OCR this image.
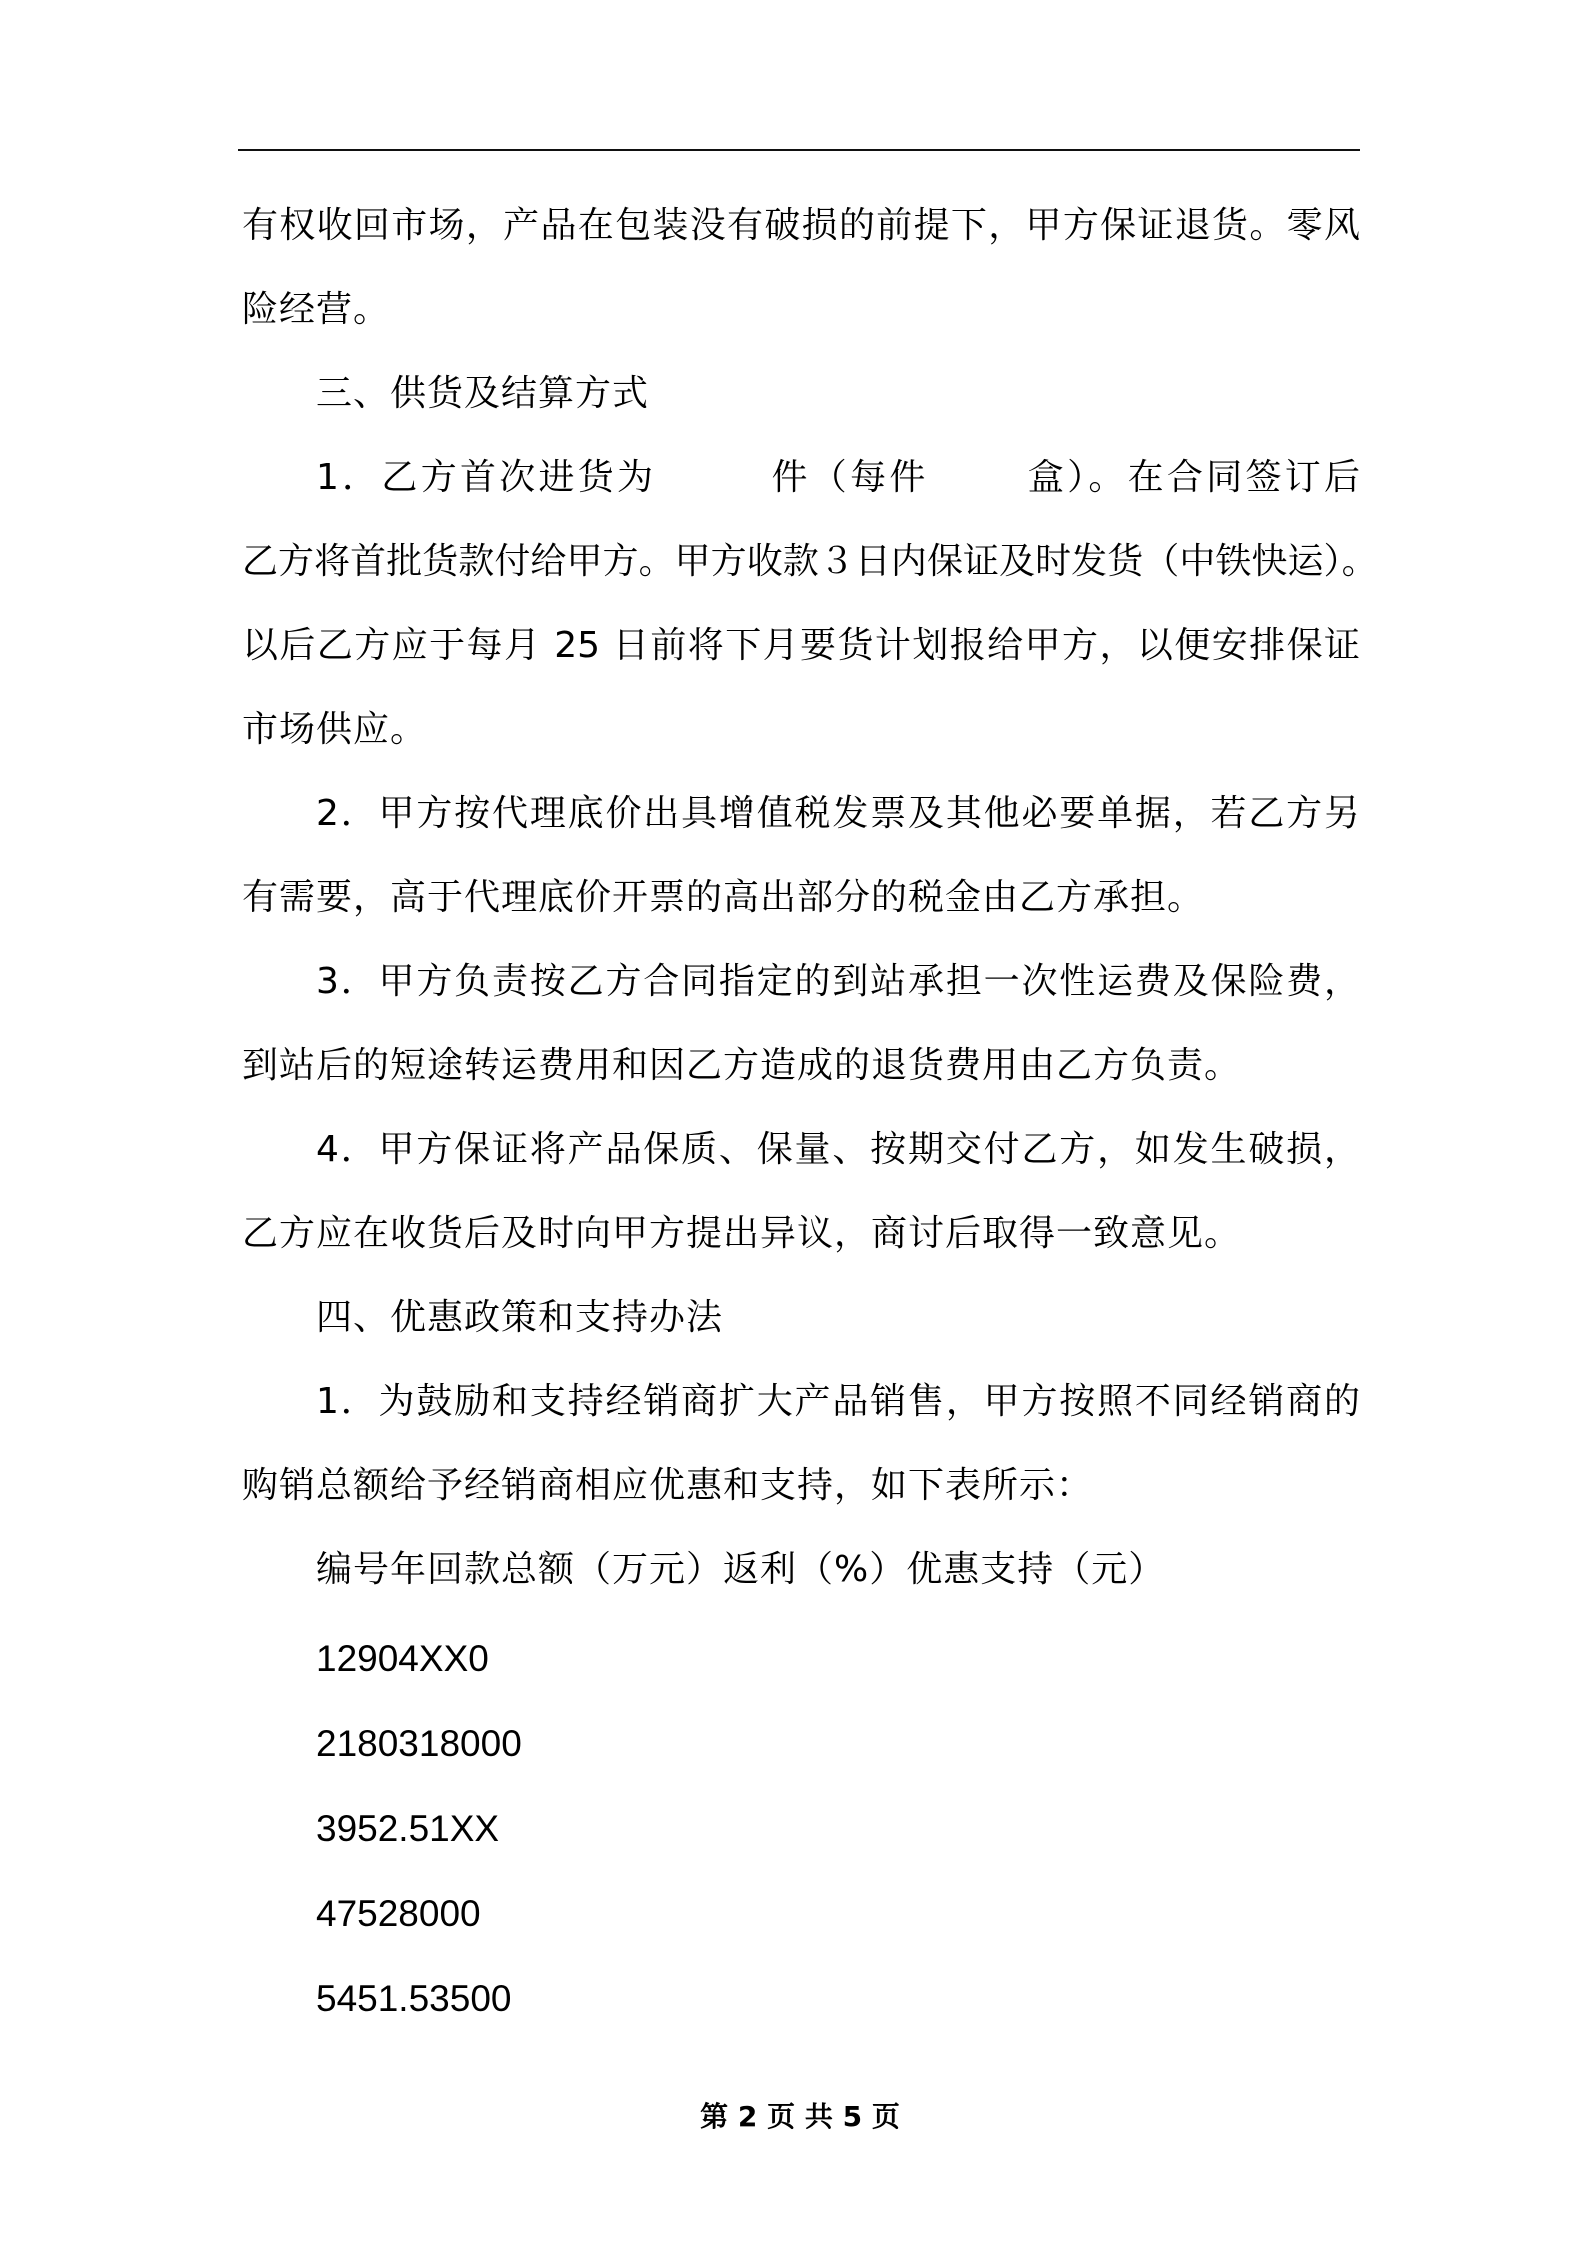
有权收回市场，产品在包装没有破损的前提下，甲方保证退货。零风
险经营。
三、供货及结算方式
1．乙方首次进货为	件（每件	盒）。在合同签订后
乙方将首批货款付给甲方。甲方收款３日内保证及时发货（中铁快运）。
以后乙方应于每月 25 日前将下月要货计划报给甲方，以便安排保证
市场供应。
2．甲方按代理底价出具增值税发票及其他必要单据，若乙方另
有需要，高于代理底价开票的高出部分的税金由乙方承担。
3．甲方负责按乙方合同指定的到站承担一次性运费及保险费，
到站后的短途转运费用和因乙方造成的退货费用由乙方负责。
4．甲方保证将产品保质、保量、按期交付乙方，如发生破损，
乙方应在收货后及时向甲方提出异议，商讨后取得一致意见。
四、优惠政策和支持办法
1．为鼓励和支持经销商扩大产品销售，甲方按照不同经销商的
购销总额给予经销商相应优惠和支持，如下表所示：
编号年回款总额（万元）返利（%）优惠支持（元）
12904XX0
2180318000
3952.51XX
47528000
5451.53500
第 2 页 共 5 页
